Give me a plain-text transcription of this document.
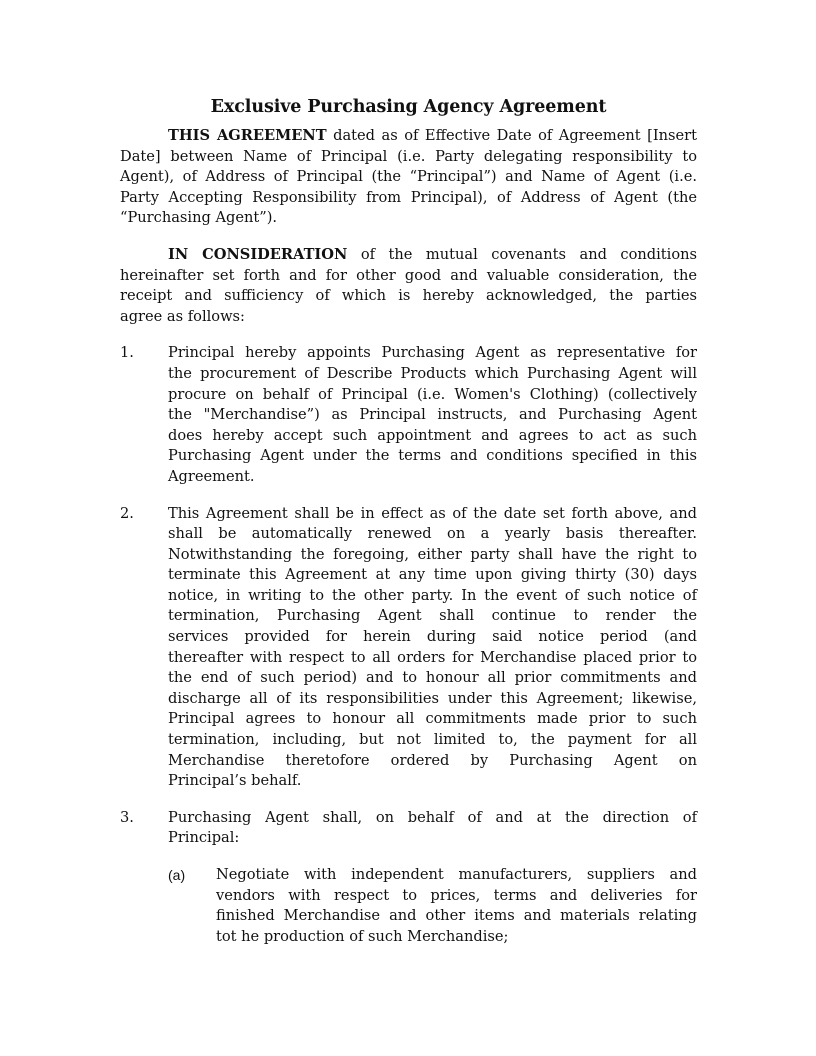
Exclusive Purchasing Agency Agreement
THIS AGREEMENT dated as of Effective Date of Agreement [Insert
Date] between Name of Principal (i.e. Party delegating responsibility to
Agent), of Address of Principal (the “Principal”) and Name of Agent (i.e.
Party Accepting Responsibility from Principal), of Address of Agent (the
“Purchasing Agent”).
IN CONSIDERATION of the mutual covenants and conditions
hereinafter set forth and for other good and valuable consideration, the
receipt and sufficiency of which is hereby acknowledged, the parties
agree as follows:
1. Principal hereby appoints Purchasing Agent as representative for
the procurement of Describe Products which Purchasing Agent will
procure on behalf of Principal (i.e. Women's Clothing) (collectively
the "Merchandise”) as Principal instructs, and Purchasing Agent
does hereby accept such appointment and agrees to act as such
Purchasing Agent under the terms and conditions specified in this
Agreement.
2. This Agreement shall be in effect as of the date set forth above, and
shall be automatically renewed on a yearly basis thereafter.
Notwithstanding the foregoing, either party shall have the right to
terminate this Agreement at any time upon giving thirty (30) days
notice, in writing to the other party. In the event of such notice of
termination, Purchasing Agent shall continue to render the
services provided for herein during said notice period (and
thereafter with respect to all orders for Merchandise placed prior to
the end of such period) and to honour all prior commitments and
discharge all of its responsibilities under this Agreement; likewise,
Principal agrees to honour all commitments made prior to such
termination, including, but not limited to, the payment for all
Merchandise theretofore ordered by Purchasing Agent on
Principal’s behalf.
3. Purchasing Agent shall, on behalf of and at the direction of
Principal:
(a) Negotiate with independent manufacturers, suppliers and
vendors with respect to prices, terms and deliveries for
finished Merchandise and other items and materials relating
tot he production of such Merchandise;
